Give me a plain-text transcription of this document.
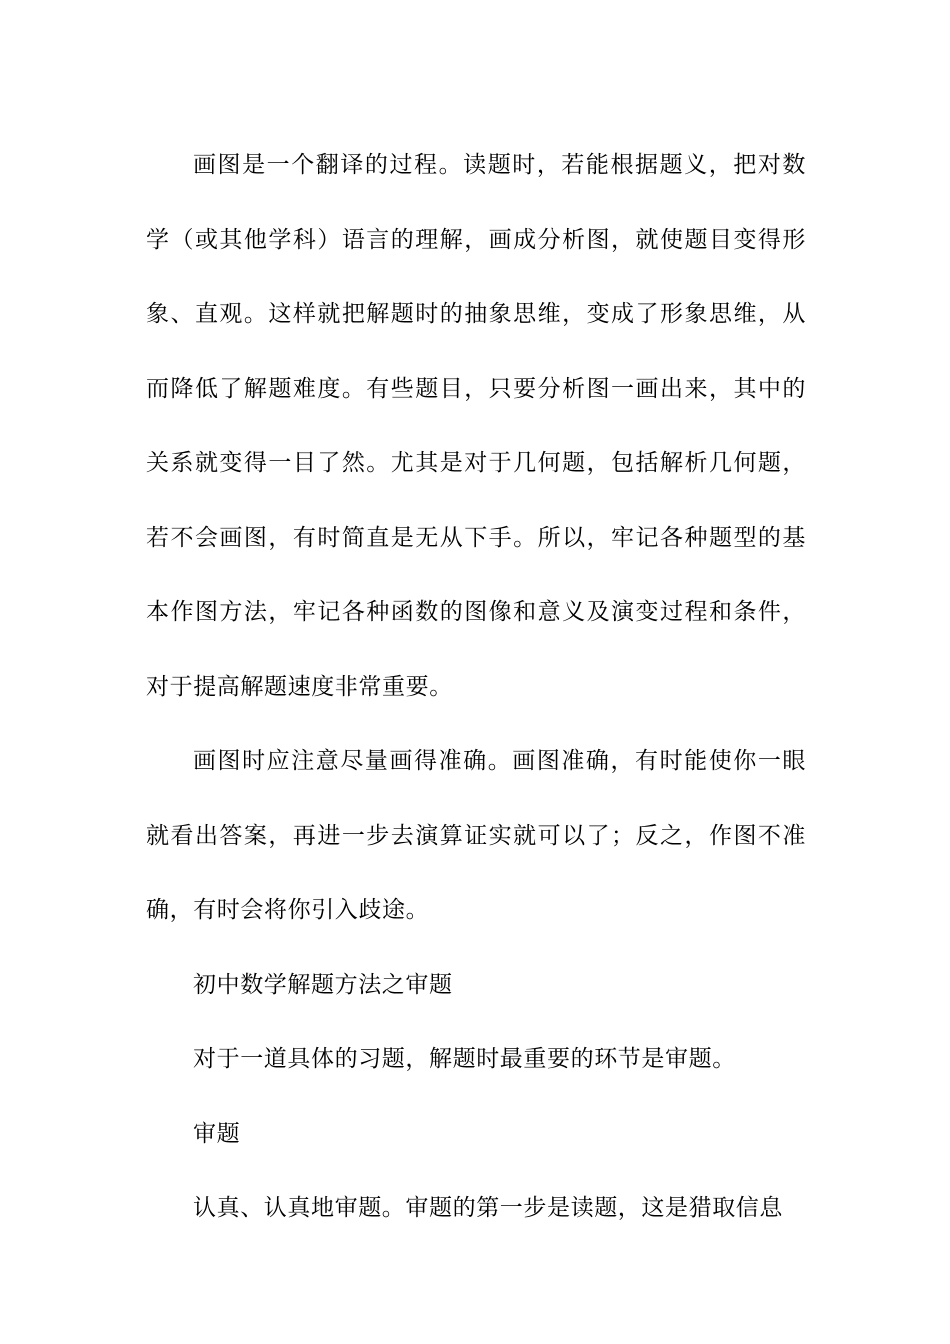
画图是一个翻译的过程。读题时，若能根据题义，把对数学（或其他学科）语言的理解，画成分析图，就使题目变得形象、直观。这样就把解题时的抽象思维，变成了形象思维，从而降低了解题难度。有些题目，只要分析图一画出来，其中的关系就变得一目了然。尤其是对于几何题，包括解析几何题，若不会画图，有时简直是无从下手。所以，牢记各种题型的基本作图方法，牢记各种函数的图像和意义及演变过程和条件，对于提高解题速度非常重要。

画图时应注意尽量画得准确。画图准确，有时能使你一眼就看出答案，再进一步去演算证实就可以了；反之，作图不准确，有时会将你引入歧途。

初中数学解题方法之审题

对于一道具体的习题，解题时最重要的环节是审题。

审题

认真、认真地审题。审题的第一步是读题，这是猎取信息
